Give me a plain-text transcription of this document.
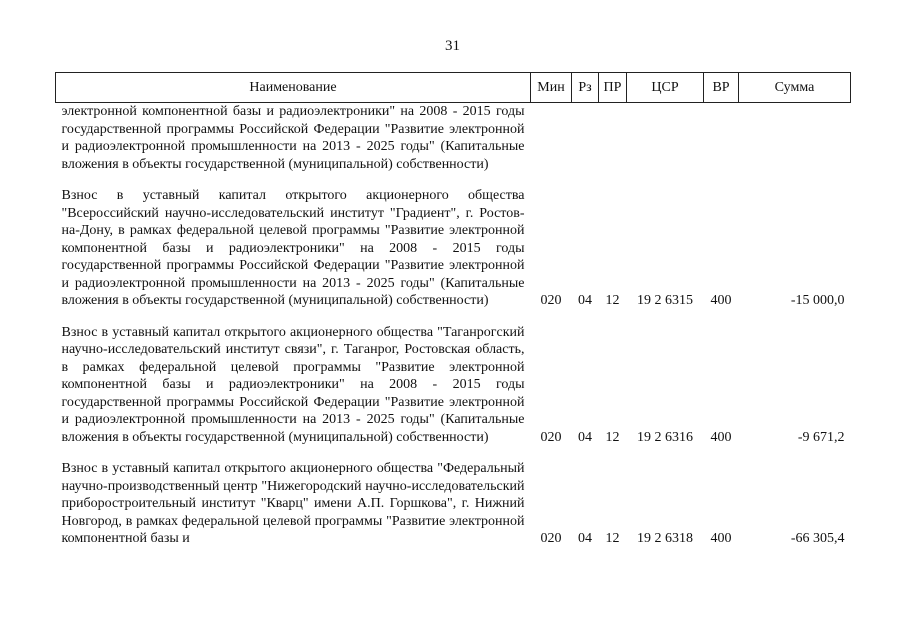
31
Наименование	Мин	Рз	ПР	ЦСР	ВР	Сумма
электронной компонентной базы и радиоэлектроники" на 2008 - 2015 годы государственной программы Российской Федерации "Развитие электронной и радиоэлектронной промышленности на 2013 - 2025 годы" (Капитальные вложения в объекты государственной (муниципальной) собственности)						

Взнос в уставный капитал открытого акционерного общества "Всероссийский научно-исследовательский институт "Градиент", г. Ростов-на-Дону, в рамках федеральной целевой программы "Развитие электронной компонентной базы и радиоэлектроники" на 2008 - 2015 годы государственной программы Российской Федерации "Развитие электронной и радиоэлектронной промышленности на 2013 - 2025 годы" (Капитальные вложения в объекты государственной (муниципальной) собственности)	020	04	12	19 2 6315	400	-15 000,0

Взнос в уставный капитал открытого акционерного общества "Таганрогский научно-исследовательский институт связи", г. Таганрог, Ростовская область, в рамках федеральной целевой программы "Развитие электронной компонентной базы и радиоэлектроники" на 2008 - 2015 годы государственной программы Российской Федерации "Развитие электронной и радиоэлектронной промышленности на 2013 - 2025 годы" (Капитальные вложения в объекты государственной (муниципальной) собственности)	020	04	12	19 2 6316	400	-9 671,2

Взнос в уставный капитал открытого акционерного общества "Федеральный научно-производственный центр "Нижегородский научно-исследовательский приборостроительный институт "Кварц" имени А.П. Горшкова", г. Нижний Новгород, в рамках федеральной целевой программы "Развитие электронной компонентной базы и	020	04	12	19 2 6318	400	-66 305,4
